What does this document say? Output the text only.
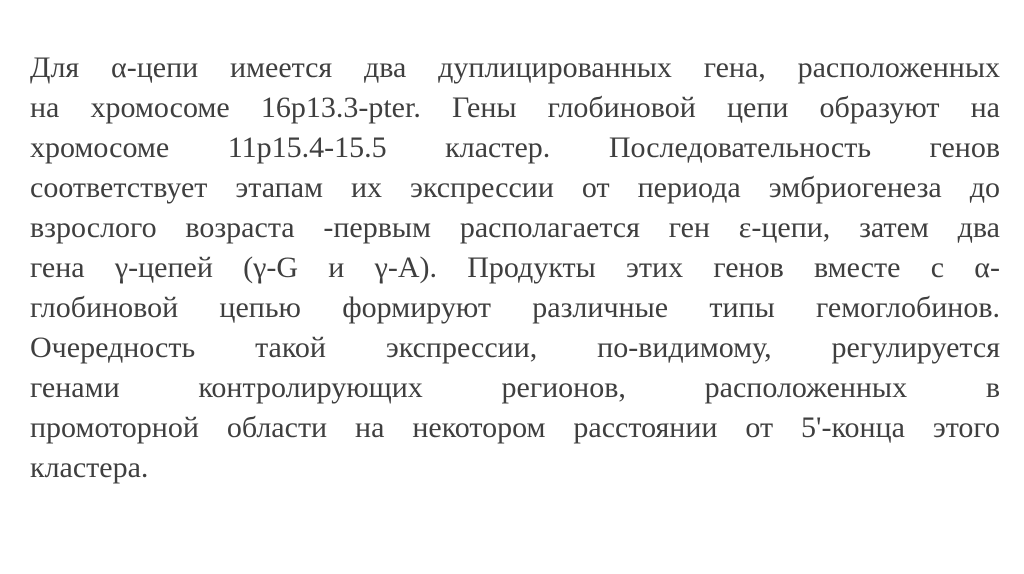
Для α-цепи имеется два дуплицированных гена, расположенных
на хромосоме 16p13.3-pter. Гены глобиновой цепи образуют на
хромосоме 11p15.4-15.5 кластер. Последовательность генов
соответствует этапам их экспрессии от периода эмбриогенеза до
взрослого возраста -первым располагается ген ε-цепи, затем два
гена γ-цепей (γ-G и γ-A). Продукты этих генов вместе с α-
глобиновой цепью формируют различные типы гемоглобинов.
Очередность такой экспрессии, по-видимому, регулируется
генами контролирующих регионов, расположенных в
промоторной области на некотором расстоянии от 5'-конца этого
кластера.
